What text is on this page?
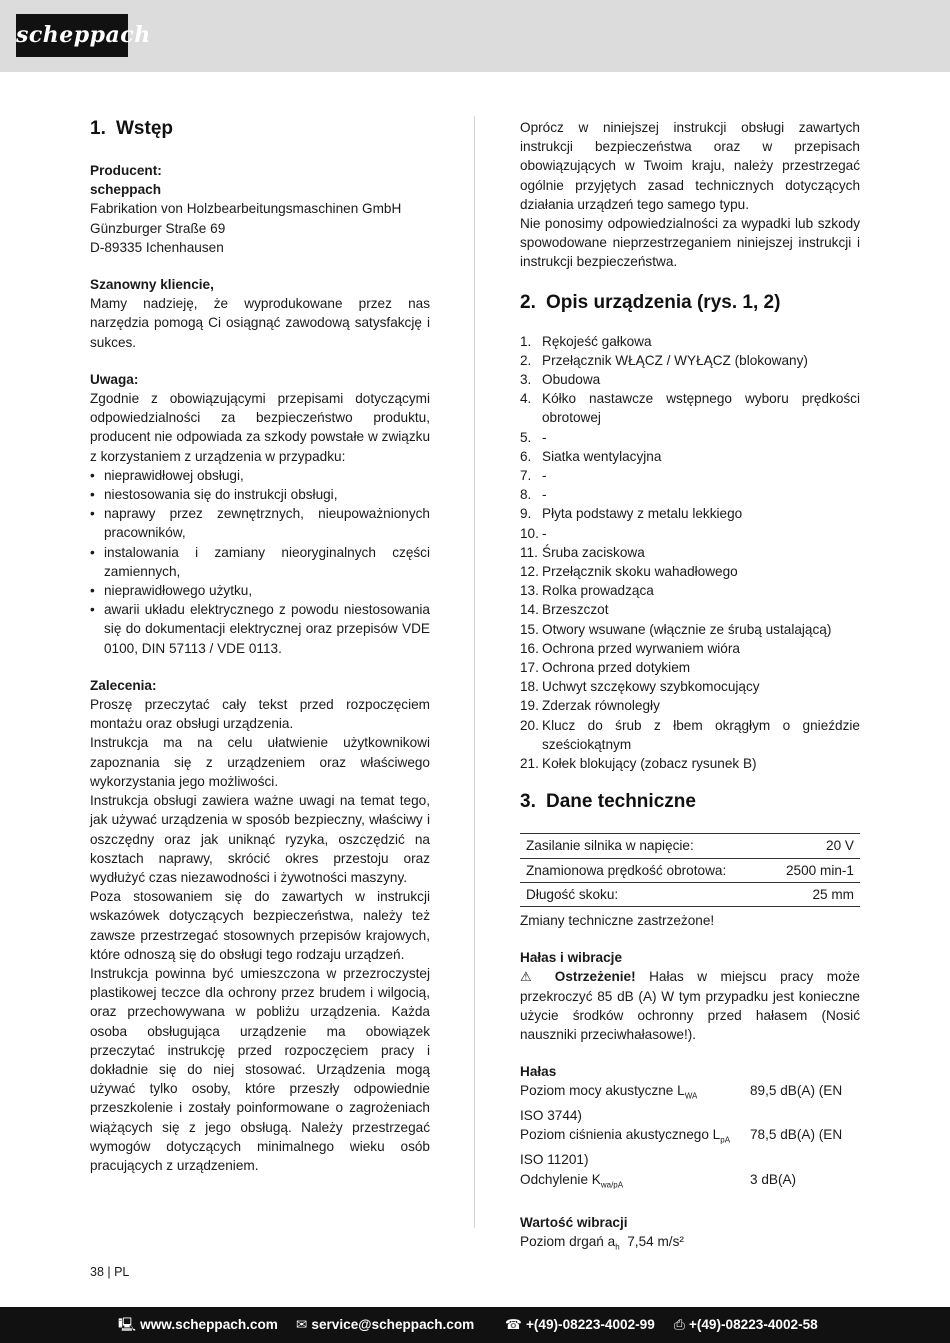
scheppach
1. Wstęp
Producent:
scheppach
Fabrikation von Holzbearbeitungsmaschinen GmbH
Günzburger Straße 69
D-89335 Ichenhausen
Szanowny kliencie,

Mamy nadzieję, że wyprodukowane przez nas narzędzia pomogą Ci osiągnąć zawodową satysfakcję i sukces.

Uwaga:

Zgodnie z obowiązującymi przepisami dotyczącymi odpowiedzialności za bezpieczeństwo produktu, producent nie odpowiada za szkody powstałe w związku z korzystaniem z urządzenia w przypadku:

• nieprawidłowej obsługi,
• niestosowania się do instrukcji obsługi,
• naprawy przez zewnętrznych, nieupoważnionych pracowników,
• instalowania i zamiany nieoryginalnych części zamiennych,
• nieprawidłowego użytku,
• awarii układu elektrycznego z powodu niestosowania się do dokumentacji elektrycznej oraz przepisów VDE 0100, DIN 57113 / VDE 0113.
Zalecenia:

Proszę przeczytać cały tekst przed rozpoczęciem montażu oraz obsługi urządzenia.

Instrukcja ma na celu ułatwienie użytkownikowi zapoznania się z urządzeniem oraz właściwego wykorzystania jego możliwości.

Instrukcja obsługi zawiera ważne uwagi na temat tego, jak używać urządzenia w sposób bezpieczny, właściwy i oszczędny oraz jak uniknąć ryzyka, oszczędzić na kosztach naprawy, skrócić okres przestoju oraz wydłużyć czas niezawodności i żywotności maszyny.

Poza stosowaniem się do zawartych w instrukcji wskazówek dotyczących bezpieczeństwa, należy też zawsze przestrzegać stosownych przepisów krajowych, które odnoszą się do obsługi tego rodzaju urządzeń.

Instrukcja powinna być umieszczona w przezroczystej plastikowej teczce dla ochrony przez brudem i wilgocią, oraz przechowywana w pobliżu urządzenia. Każda osoba obsługująca urządzenie ma obowiązek przeczytać instrukcję przed rozpoczęciem pracy i dokładnie się do niej stosować. Urządzenia mogą używać tylko osoby, które przeszły odpowiednie przeszkolenie i zostały poinformowane o zagrożeniach wiążących się z jego obsługą. Należy przestrzegać wymogów dotyczących minimalnego wieku osób pracujących z urządzeniem.

Oprócz w niniejszej instrukcji obsługi zawartych instrukcji bezpieczeństwa oraz w przepisach obowiązujących w Twoim kraju, należy przestrzegać ogólnie przyjętych zasad technicznych dotyczących działania urządzeń tego samego typu.

Nie ponosimy odpowiedzialności za wypadki lub szkody spowodowane nieprzestrzeganiem niniejszej instrukcji i instrukcji bezpieczeństwa.

2. Opis urządzenia (rys. 1, 2)
1. Rękojeść gałkowa
2. Przełącznik WŁĄCZ / WYŁĄCZ (blokowany)
3. Obudowa
4. Kółko nastawcze wstępnego wyboru prędkości obrotowej
5. -
6. Siatka wentylacyjna
7. -
8. -
9. Płyta podstawy z metalu lekkiego
10. -
11. Śruba zaciskowa
12. Przełącznik skoku wahadłowego
13. Rolka prowadząca
14. Brzeszczot
15. Otwory wsuwane (włącznie ze śrubą ustalającą)
16. Ochrona przed wyrwaniem wióra
17. Ochrona przed dotykiem
18. Uchwyt szczękowy szybkomocujący
19. Zderzak równoległy
20. Klucz do śrub z łbem okrągłym o gnieździe sześciokątnym
21. Kołek blokujący (zobacz rysunek B)
3. Dane techniczne
Zasilanie silnika w napięcie:	20 V
Znamionowa prędkość obrotowa:	2500 min-1
Długość skoku:	25 mm
Zmiany techniczne zastrzeżone!
Hałas i wibracje

⚠ Ostrzeżenie! Hałas w miejscu pracy może przekroczyć 85 dB (A) W tym przypadku jest konieczne użycie środków ochronny przed hałasem (Nosić nauszniki przeciwhałasowe!).

Hałas
Poziom mocy akustyczne $L_{WA}$	89,5 dB(A) (EN
ISO 3744)
Poziom ciśnienia akustycznego $L_{pA}$	78,5 dB(A) (EN
ISO 11201)
Odchylenie $K_{wa/pA}$	3 dB(A)
Wartość wibracji
Poziom drgań $a_h$ 7,54 m/s²
38 | PL
🖳 www.scheppach.com ✉ service@scheppach.com ☎ +(49)-08223-4002-99 ⎙ +(49)-08223-4002-58
